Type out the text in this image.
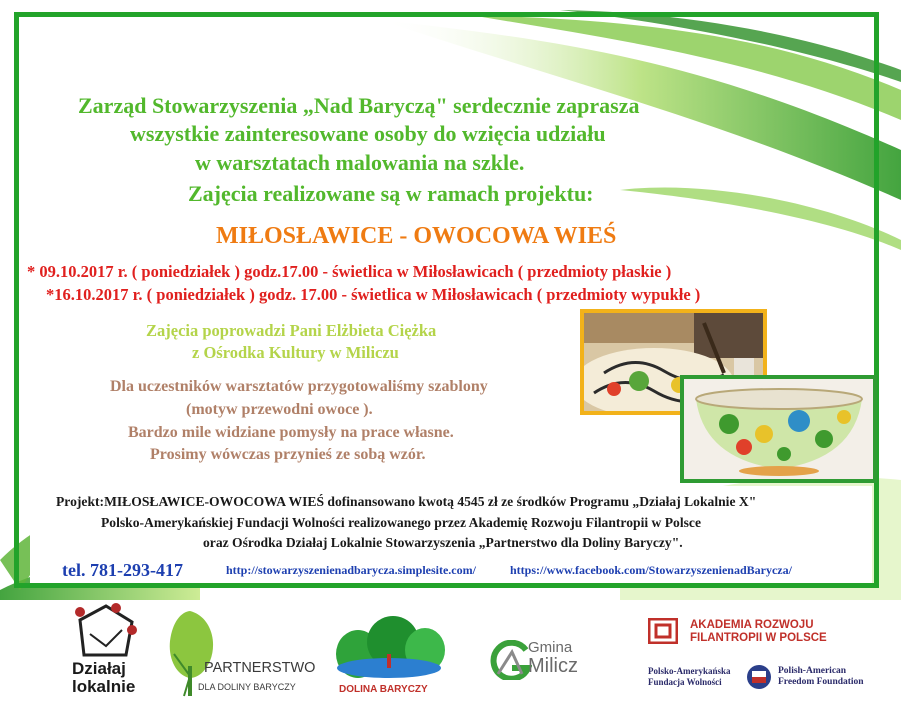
Zarząd Stowarzyszenia „Nad Baryczą" serdecznie zaprasza
wszystkie zainteresowane osoby do wzięcia udziału
w warsztatach malowania na szkle.
Zajęcia realizowane są w ramach projektu:
MIŁOSŁAWICE - OWOCOWA WIEŚ
* 09.10.2017 r. ( poniedziałek ) godz.17.00 - świetlica w Miłosławicach ( przedmioty płaskie )
*16.10.2017 r. ( poniedziałek ) godz. 17.00 - świetlica w Miłosławicach ( przedmioty wypukłe )
Zajęcia poprowadzi Pani Elżbieta Ciężka
z Ośrodka Kultury w Miliczu
Dla uczestników warsztatów przygotowaliśmy szablony
(motyw przewodni owoce ).
Bardzo mile widziane pomysły na prace własne.
Prosimy wówczas przynieś ze sobą wzór.
Projekt:MIŁOSŁAWICE-OWOCOWA WIEŚ dofinansowano kwotą 4545 zł ze środków Programu „Działaj Lokalnie X"
Polsko-Amerykańskiej Fundacji Wolności realizowanego przez Akademię Rozwoju Filantropii w Polsce
oraz Ośrodka Działaj Lokalnie Stowarzyszenia „Partnerstwo dla Doliny Baryczy".
tel. 781-293-417	http://stowarzyszenienadbarycza.simplesite.com/	https://www.facebook.com/StowarzyszenienadBarycza/
Działaj
lokalnie
PARTNERSTWO
DLA DOLINY BARYCZY	DOLINA BARYCZY
Gmina
Milicz
AKADEMIA ROZWOJU
FILANTROPII W POLSCE
Polsko-Amerykańska
Fundacja Wolności
Polish-American
Freedom Foundation
